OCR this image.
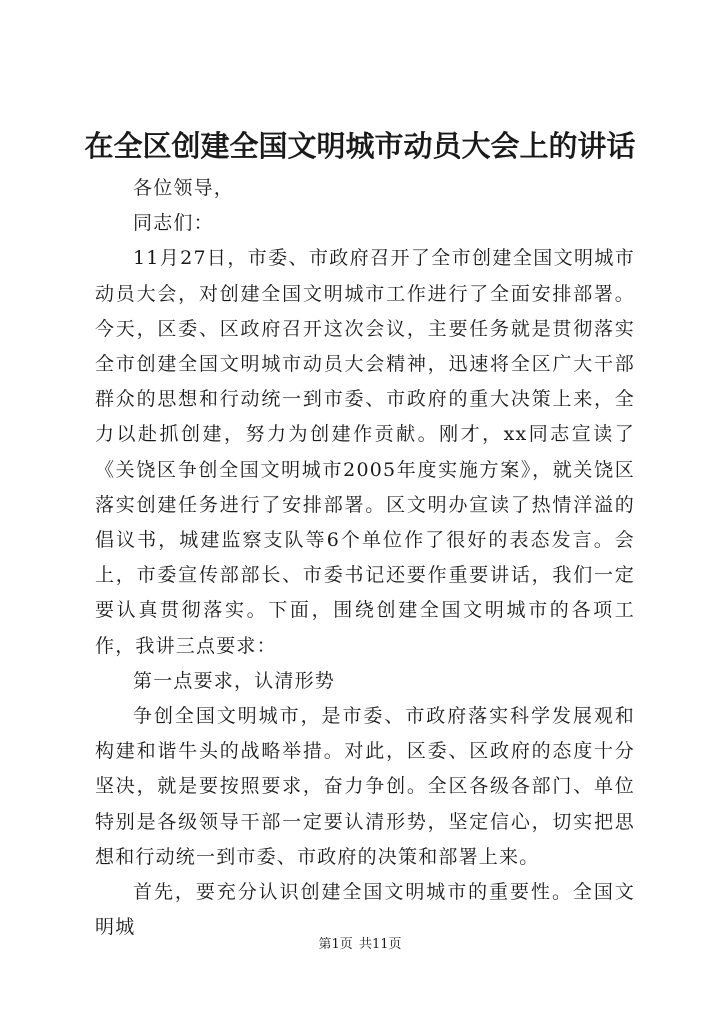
在全区创建全国文明城市动员大会上的讲话

各位领导，

同志们：

11月27日，市委、市政府召开了全市创建全国文明城市动员大会，对创建全国文明城市工作进行了全面安排部署。今天，区委、区政府召开这次会议，主要任务就是贯彻落实全市创建全国文明城市动员大会精神，迅速将全区广大干部群众的思想和行动统一到市委、市政府的重大决策上来，全力以赴抓创建，努力为创建作贡献。刚才，xx同志宣读了《关饶区争创全国文明城市2005年度实施方案》，就关饶区落实创建任务进行了安排部署。区文明办宣读了热情洋溢的倡议书，城建监察支队等6个单位作了很好的表态发言。会上，市委宣传部部长、市委书记还要作重要讲话，我们一定要认真贯彻落实。下面，围绕创建全国文明城市的各项工作，我讲三点要求：

第一点要求，认清形势

争创全国文明城市，是市委、市政府落实科学发展观和构建和谐牛头的战略举措。对此，区委、区政府的态度十分坚决，就是要按照要求，奋力争创。全区各级各部门、单位特别是各级领导干部一定要认清形势，坚定信心，切实把思想和行动统一到市委、市政府的决策和部署上来。

首先，要充分认识创建全国文明城市的重要性。全国文明城

第1页 共11页
